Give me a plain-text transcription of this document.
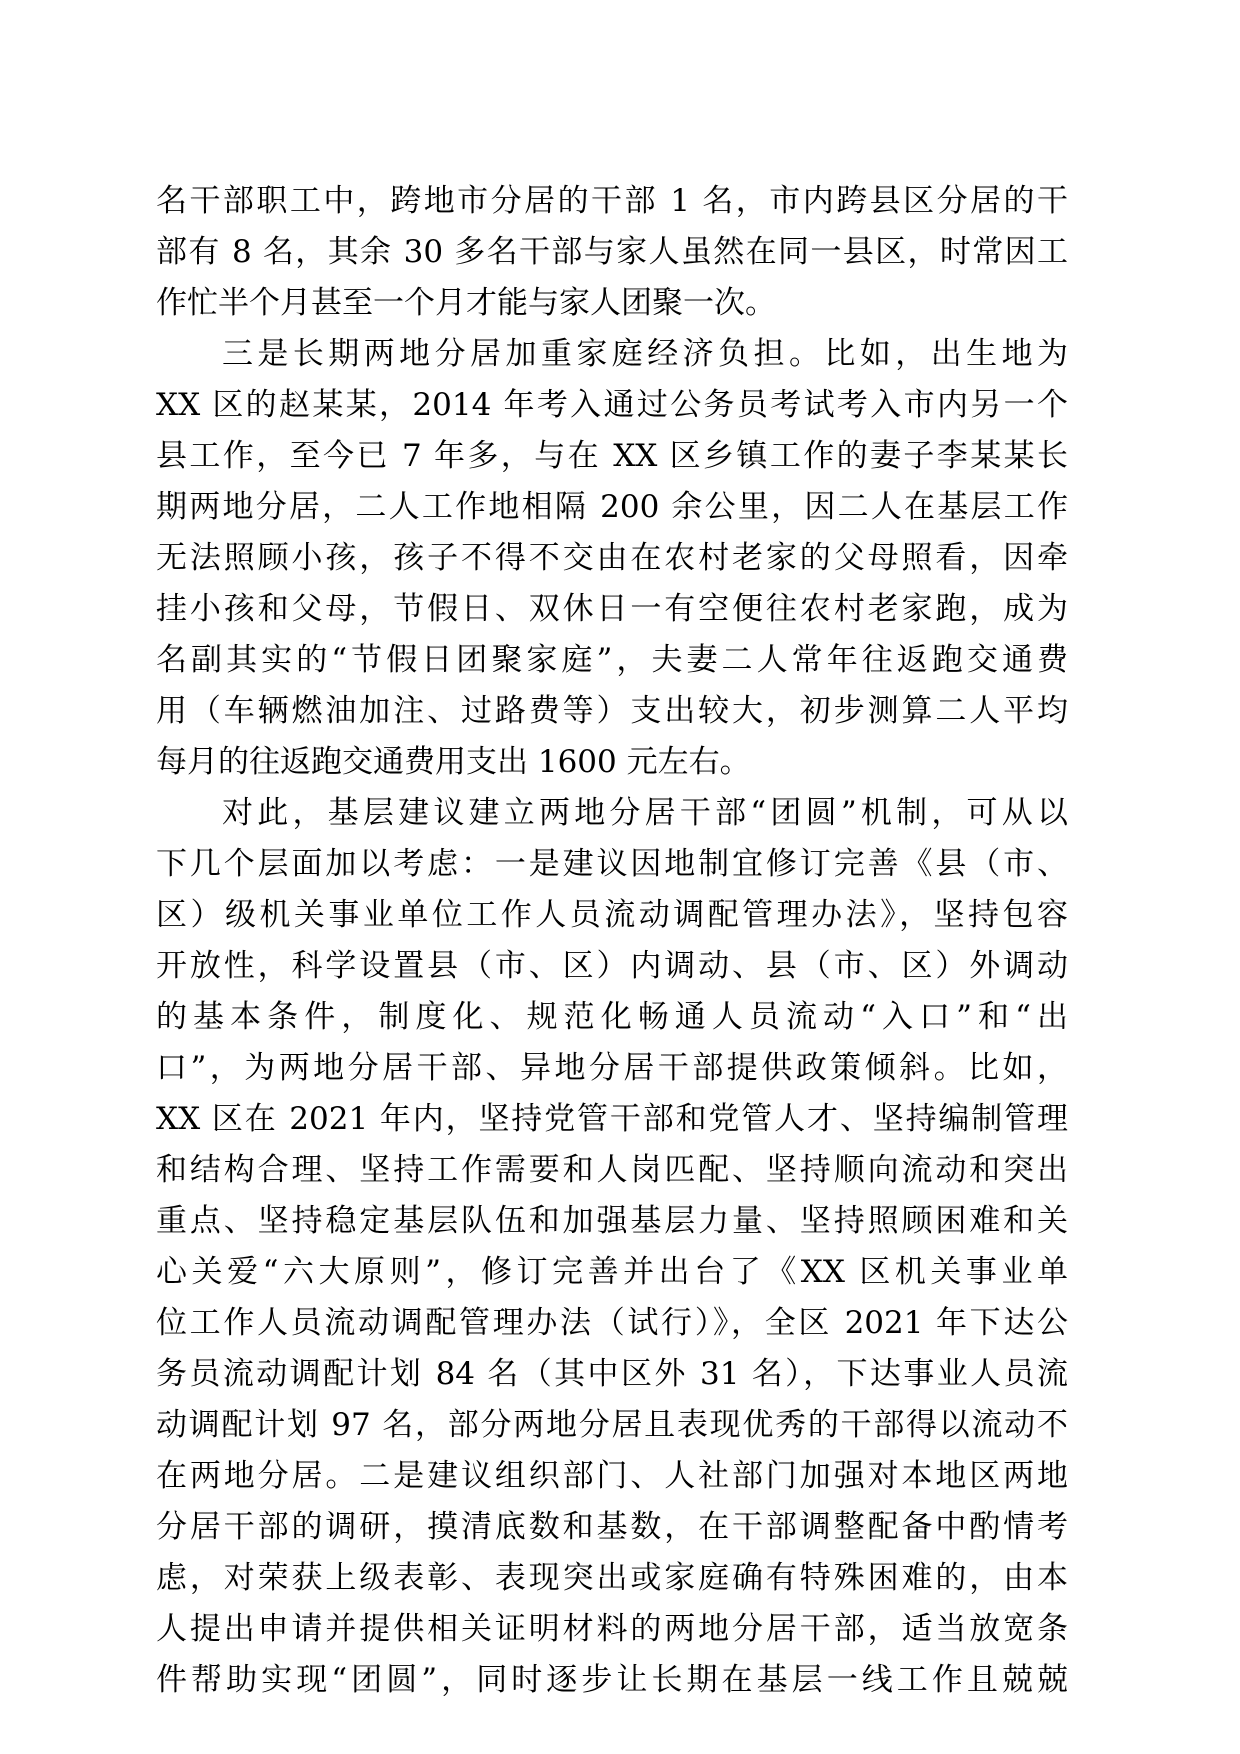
名干部职工中，跨地市分居的干部 1 名，市内跨县区分居的干
部有 8 名，其余 30 多名干部与家人虽然在同一县区，时常因工
作忙半个月甚至一个月才能与家人团聚一次。
三是长期两地分居加重家庭经济负担。比如，出生地为
XX 区的赵某某，2014 年考入通过公务员考试考入市内另一个
县工作，至今已 7 年多，与在 XX 区乡镇工作的妻子李某某长
期两地分居，二人工作地相隔 200 余公里，因二人在基层工作
无法照顾小孩，孩子不得不交由在农村老家的父母照看，因牵
挂小孩和父母，节假日、双休日一有空便往农村老家跑，成为
名副其实的“节假日团聚家庭”，夫妻二人常年往返跑交通费
用（车辆燃油加注、过路费等）支出较大，初步测算二人平均
每月的往返跑交通费用支出 1600 元左右。
对此，基层建议建立两地分居干部“团圆”机制，可从以
下几个层面加以考虑：一是建议因地制宜修订完善《县（市、
区）级机关事业单位工作人员流动调配管理办法》，坚持包容
开放性，科学设置县（市、区）内调动、县（市、区）外调动
的基本条件，制度化、规范化畅通人员流动“入口”和“出
口”，为两地分居干部、异地分居干部提供政策倾斜。比如，
XX 区在 2021 年内，坚持党管干部和党管人才、坚持编制管理
和结构合理、坚持工作需要和人岗匹配、坚持顺向流动和突出
重点、坚持稳定基层队伍和加强基层力量、坚持照顾困难和关
心关爱“六大原则”，修订完善并出台了《XX 区机关事业单
位工作人员流动调配管理办法（试行）》，全区 2021 年下达公
务员流动调配计划 84 名（其中区外 31 名），下达事业人员流
动调配计划 97 名，部分两地分居且表现优秀的干部得以流动不
在两地分居。二是建议组织部门、人社部门加强对本地区两地
分居干部的调研，摸清底数和基数，在干部调整配备中酌情考
虑，对荣获上级表彰、表现突出或家庭确有特殊困难的，由本
人提出申请并提供相关证明材料的两地分居干部，适当放宽条
件帮助实现“团圆”，同时逐步让长期在基层一线工作且兢兢
